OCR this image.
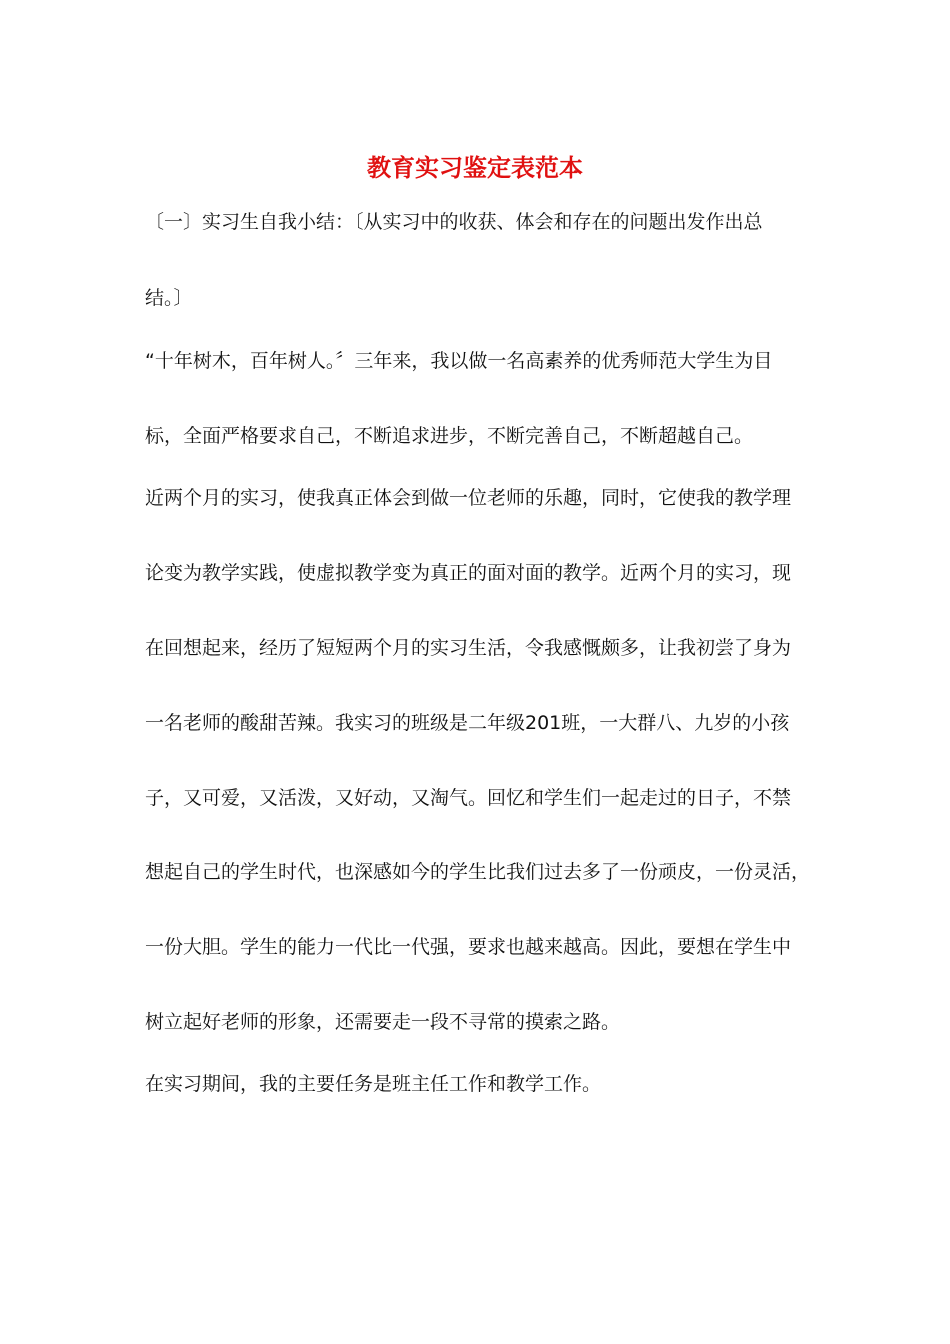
教育实习鉴定表范本

〔一〕实习生自我小结：〔从实习中的收获、体会和存在的问题出发作出总

结。〕

“十年树木，百年树人。〞三年来，我以做一名高素养的优秀师范大学生为目

标，全面严格要求自己，不断追求进步，不断完善自己，不断超越自己。

近两个月的实习，使我真正体会到做一位老师的乐趣，同时，它使我的教学理

论变为教学实践，使虚拟教学变为真正的面对面的教学。近两个月的实习，现

在回想起来，经历了短短两个月的实习生活，令我感慨颇多，让我初尝了身为

一名老师的酸甜苦辣。我实习的班级是二年级201班，一大群八、九岁的小孩

子，又可爱，又活泼，又好动，又淘气。回忆和学生们一起走过的日子，不禁

想起自己的学生时代，也深感如今的学生比我们过去多了一份顽皮，一份灵活，

一份大胆。学生的能力一代比一代强，要求也越来越高。因此，要想在学生中

树立起好老师的形象，还需要走一段不寻常的摸索之路。

在实习期间，我的主要任务是班主任工作和教学工作。
